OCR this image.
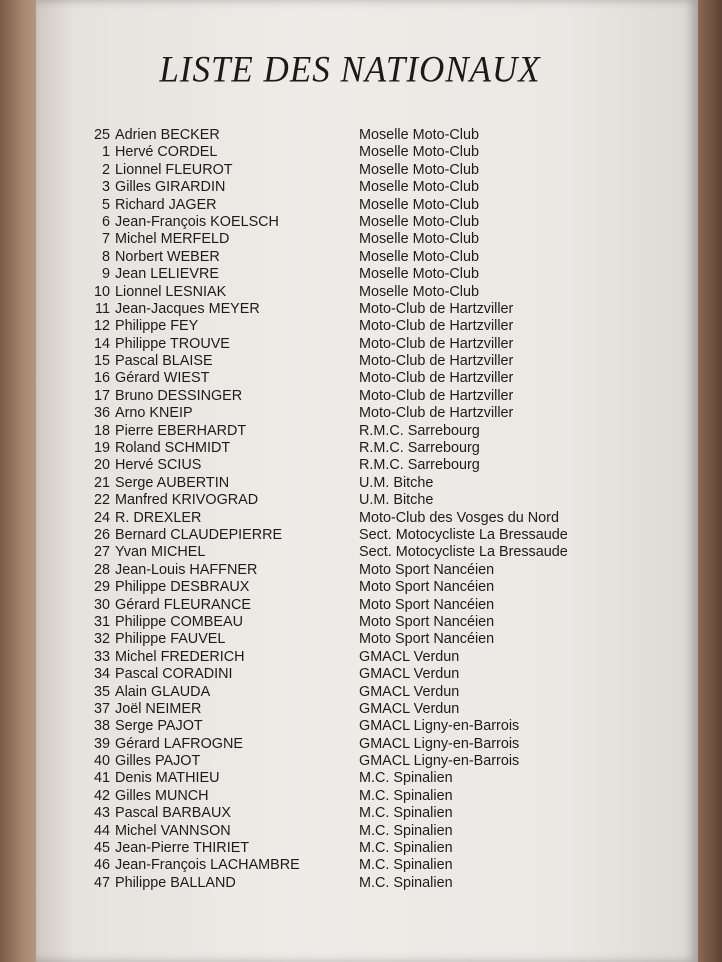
LISTE DES NATIONAUX
25 Adrien BECKER	Moselle Moto-Club
1 Hervé CORDEL	Moselle Moto-Club
2 Lionnel FLEUROT	Moselle Moto-Club
3 Gilles GIRARDIN	Moselle Moto-Club
5 Richard JAGER	Moselle Moto-Club
6 Jean-François KOELSCH	Moselle Moto-Club
7 Michel MERFELD	Moselle Moto-Club
8 Norbert WEBER	Moselle Moto-Club
9 Jean LELIEVRE	Moselle Moto-Club
10 Lionnel LESNIAK	Moselle Moto-Club
11 Jean-Jacques MEYER	Moto-Club de Hartzviller
12 Philippe FEY	Moto-Club de Hartzviller
14 Philippe TROUVE	Moto-Club de Hartzviller
15 Pascal BLAISE	Moto-Club de Hartzviller
16 Gérard WIEST	Moto-Club de Hartzviller
17 Bruno DESSINGER	Moto-Club de Hartzviller
36 Arno KNEIP	Moto-Club de Hartzviller
18 Pierre EBERHARDT	R.M.C. Sarrebourg
19 Roland SCHMIDT	R.M.C. Sarrebourg
20 Hervé SCIUS	R.M.C. Sarrebourg
21 Serge AUBERTIN	U.M. Bitche
22 Manfred KRIVOGRAD	U.M. Bitche
24 R. DREXLER	Moto-Club des Vosges du Nord
26 Bernard CLAUDEPIERRE	Sect. Motocycliste La Bressaude
27 Yvan MICHEL	Sect. Motocycliste La Bressaude
28 Jean-Louis HAFFNER	Moto Sport Nancéien
29 Philippe DESBRAUX	Moto Sport Nancéien
30 Gérard FLEURANCE	Moto Sport Nancéien
31 Philippe COMBEAU	Moto Sport Nancéien
32 Philippe FAUVEL	Moto Sport Nancéien
33 Michel FREDERICH	GMACL Verdun
34 Pascal CORADINI	GMACL Verdun
35 Alain GLAUDA	GMACL Verdun
37 Joël NEIMER	GMACL Verdun
38 Serge PAJOT	GMACL Ligny-en-Barrois
39 Gérard LAFROGNE	GMACL Ligny-en-Barrois
40 Gilles PAJOT	GMACL Ligny-en-Barrois
41 Denis MATHIEU	M.C. Spinalien
42 Gilles MUNCH	M.C. Spinalien
43 Pascal BARBAUX	M.C. Spinalien
44 Michel VANNSON	M.C. Spinalien
45 Jean-Pierre THIRIET	M.C. Spinalien
46 Jean-François LACHAMBRE	M.C. Spinalien
47 Philippe BALLAND	M.C. Spinalien
